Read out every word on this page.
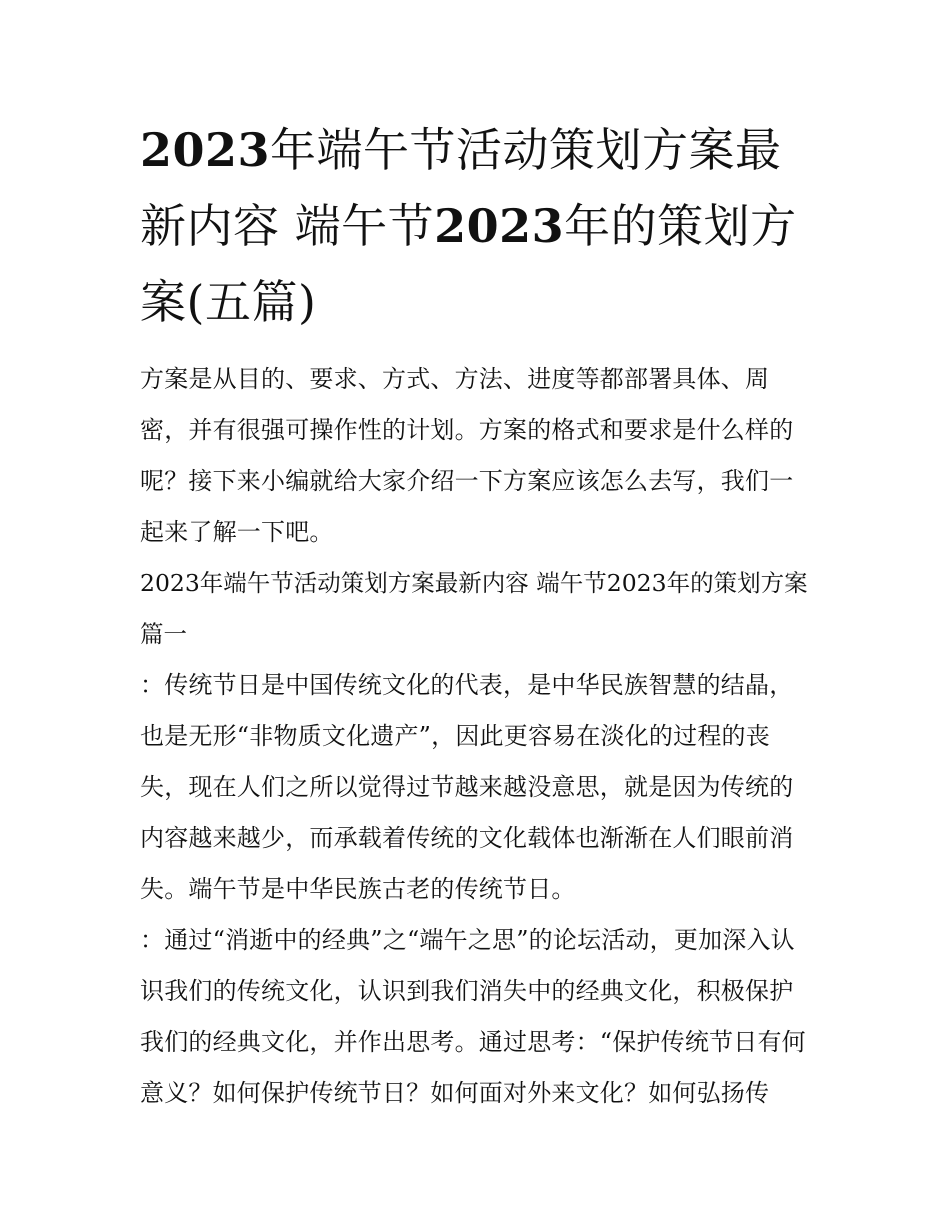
2023年端午节活动策划方案最新内容 端午节2023年的策划方案(五篇)

方案是从目的、要求、方式、方法、进度等都部署具体、周密，并有很强可操作性的计划。方案的格式和要求是什么样的呢？接下来小编就给大家介绍一下方案应该怎么去写，我们一起来了解一下吧。

2023年端午节活动策划方案最新内容 端午节2023年的策划方案篇一

：传统节日是中国传统文化的代表，是中华民族智慧的结晶，也是无形“非物质文化遗产”，因此更容易在淡化的过程的丧失，现在人们之所以觉得过节越来越没意思，就是因为传统的内容越来越少，而承载着传统的文化载体也渐渐在人们眼前消失。端午节是中华民族古老的传统节日。

：通过“消逝中的经典”之“端午之思”的论坛活动，更加深入认识我们的传统文化，认识到我们消失中的经典文化，积极保护我们的经典文化，并作出思考。通过思考：“保护传统节日有何意义？如何保护传统节日？如何面对外来文化？如何弘扬传
